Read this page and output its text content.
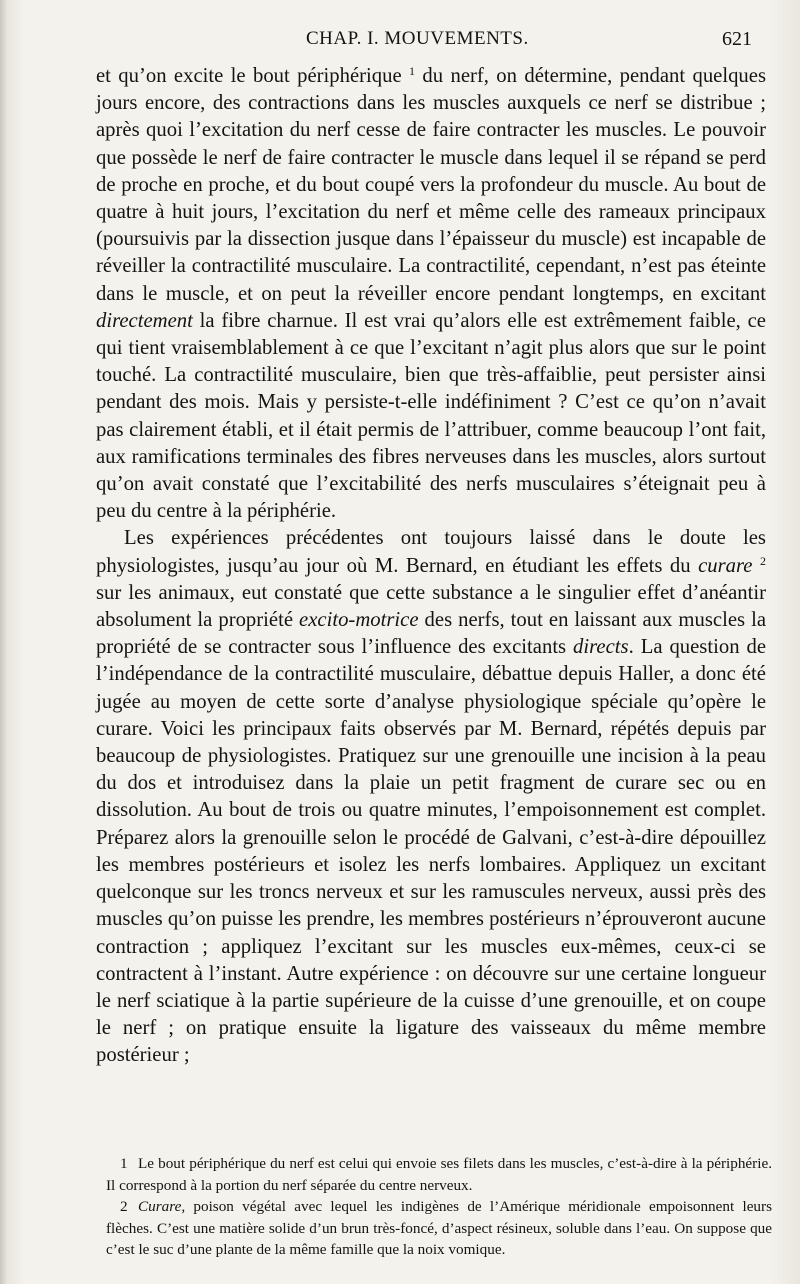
CHAP. I. MOUVEMENTS.	621

et qu’on excite le bout périphérique $^1$ du nerf, on détermine, pendant quelques jours encore, des contractions dans les muscles auxquels ce nerf se distribue ; après quoi l’excitation du nerf cesse de faire contracter les muscles. Le pouvoir que possède le nerf de faire contracter le muscle dans lequel il se répand se perd de proche en proche, et du bout coupé vers la profondeur du muscle. Au bout de quatre à huit jours, l’excitation du nerf et même celle des rameaux principaux (poursuivis par la dissection jusque dans l’épaisseur du muscle) est incapable de réveiller la contractilité musculaire. La contractilité, cependant, n’est pas éteinte dans le muscle, et on peut la réveiller encore pendant longtemps, en excitant directement la fibre charnue. Il est vrai qu’alors elle est extrêmement faible, ce qui tient vraisemblablement à ce que l’excitant n’agit plus alors que sur le point touché. La contractilité musculaire, bien que très-affaiblie, peut persister ainsi pendant des mois. Mais y persiste-t-elle indéfiniment ? C’est ce qu’on n’avait pas clairement établi, et il était permis de l’attribuer, comme beaucoup l’ont fait, aux ramifications terminales des fibres nerveuses dans les muscles, alors surtout qu’on avait constaté que l’excitabilité des nerfs musculaires s’éteignait peu à peu du centre à la périphérie.

Les expériences précédentes ont toujours laissé dans le doute les physiologistes, jusqu’au jour où M. Bernard, en étudiant les effets du curare $^2$ sur les animaux, eut constaté que cette substance a le singulier effet d’anéantir absolument la propriété excito-motrice des nerfs, tout en laissant aux muscles la propriété de se contracter sous l’influence des excitants directs. La question de l’indépendance de la contractilité musculaire, débattue depuis Haller, a donc été jugée au moyen de cette sorte d’analyse physiologique spéciale qu’opère le curare. Voici les principaux faits observés par M. Bernard, répétés depuis par beaucoup de physiologistes. Pratiquez sur une grenouille une incision à la peau du dos et introduisez dans la plaie un petit fragment de curare sec ou en dissolution. Au bout de trois ou quatre minutes, l’empoisonnement est complet. Préparez alors la grenouille selon le procédé de Galvani, c’est-à-dire dépouillez les membres postérieurs et isolez les nerfs lombaires. Appliquez un excitant quelconque sur les troncs nerveux et sur les ramuscules nerveux, aussi près des muscles qu’on puisse les prendre, les membres postérieurs n’éprouveront aucune contraction ; appliquez l’excitant sur les muscles eux-mêmes, ceux-ci se contractent à l’instant. Autre expérience : on découvre sur une certaine longueur le nerf sciatique à la partie supérieure de la cuisse d’une grenouille, et on coupe le nerf ; on pratique ensuite la ligature des vaisseaux du même membre postérieur ;

1 Le bout périphérique du nerf est celui qui envoie ses filets dans les muscles, c’est-à-dire à la périphérie. Il correspond à la portion du nerf séparée du centre nerveux.

2 Curare, poison végétal avec lequel les indigènes de l’Amérique méridionale empoisonnent leurs flèches. C’est une matière solide d’un brun très-foncé, d’aspect résineux, soluble dans l’eau. On suppose que c’est le suc d’une plante de la même famille que la noix vomique.
